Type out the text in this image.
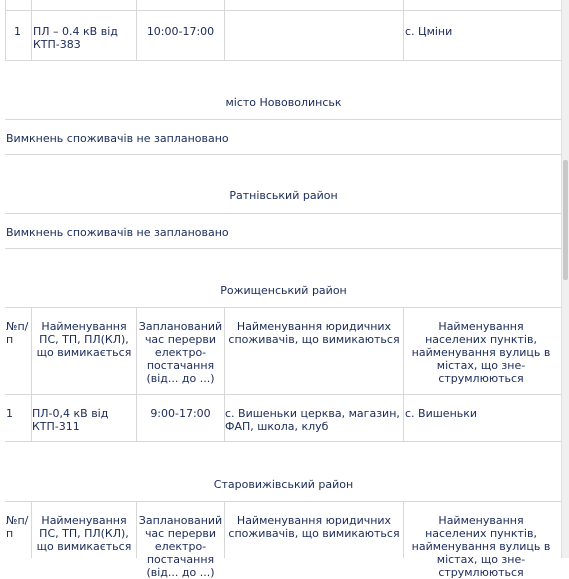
1 ПЛ – 0.4 кВ від КТП-383
10:00-17:00	с. Цміни
місто Нововолинськ
Вимкнень споживачів не заплановано
Ратнівський район
Вимкнень споживачів не заплановано
Рожищенський район
№п/п
Найменування ПС, ТП, ПЛ(КЛ), що вимикається
Запланований час перерви електро-постачання (від... до ...)
Найменування юридичних споживачів, що вимикаються
Найменування населених пунктів, найменування вулиць в містах, що знеструмлюються
1 ПЛ-0,4 кВ від КТП-311
9:00-17:00	с. Вишеньки церква, магазин, ФАП, школа, клуб
с. Вишеньки
Старовижівський район
№п/п
Найменування ПС, ТП, ПЛ(КЛ), що вимикається
Запланований час перерви електро-постачання (від... до ...)
Найменування юридичних споживачів, що вимикаються
Найменування населених пунктів, найменування вулиць в містах, що знеструмлюються
